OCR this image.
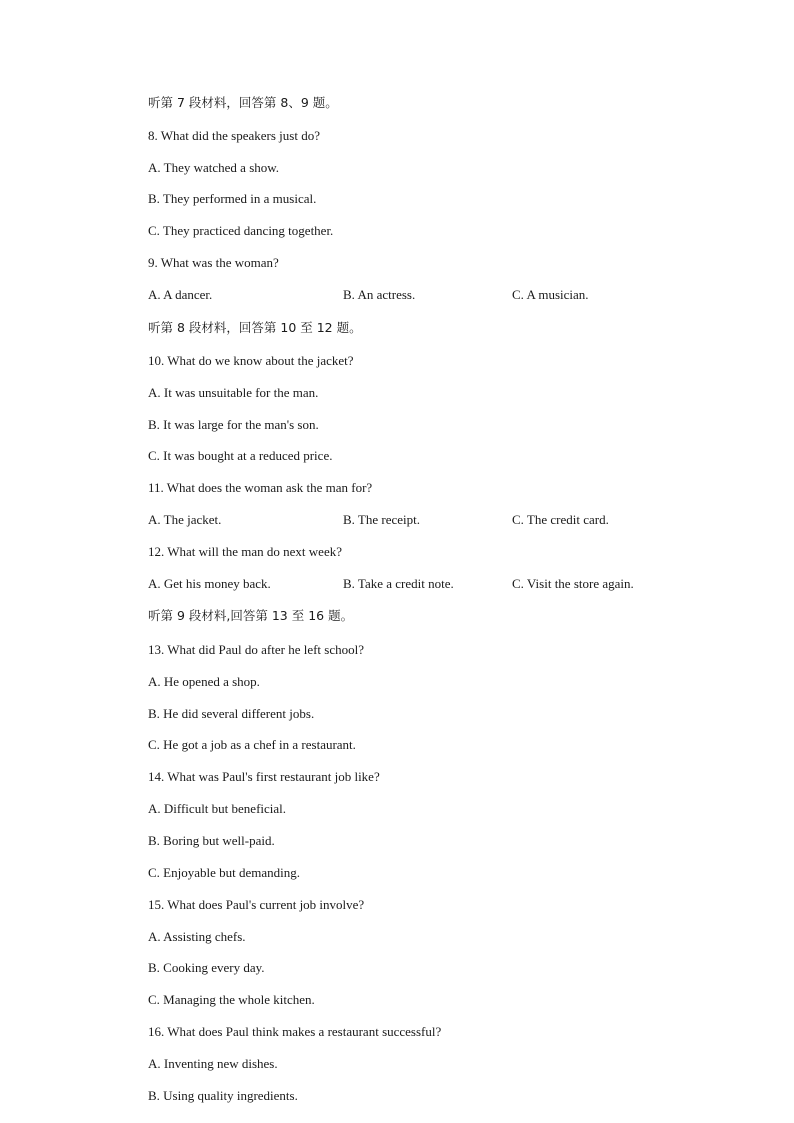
听第 7 段材料，回答第 8、9 题。
8. What did the speakers just do?
A. They watched a show.
B. They performed in a musical.
C. They practiced dancing together.
9. What was the woman?
A. A dancer.	B. An actress.	C. A musician.
听第 8 段材料，回答第 10 至 12 题。
10. What do we know about the jacket?
A. It was unsuitable for the man.
B. It was large for the man's son.
C. It was bought at a reduced price.
11. What does the woman ask the man for?
A. The jacket.	B. The receipt.	C. The credit card.
12. What will the man do next week?
A. Get his money back.	B. Take a credit note.	C. Visit the store again.
听第 9 段材料,回答第 13 至 16 题。
13. What did Paul do after he left school?
A. He opened a shop.
B. He did several different jobs.
C. He got a job as a chef in a restaurant.
14. What was Paul's first restaurant job like?
A. Difficult but beneficial.
B. Boring but well-paid.
C. Enjoyable but demanding.
15. What does Paul's current job involve?
A. Assisting chefs.
B. Cooking every day.
C. Managing the whole kitchen.
16. What does Paul think makes a restaurant successful?
A. Inventing new dishes.
B. Using quality ingredients.
